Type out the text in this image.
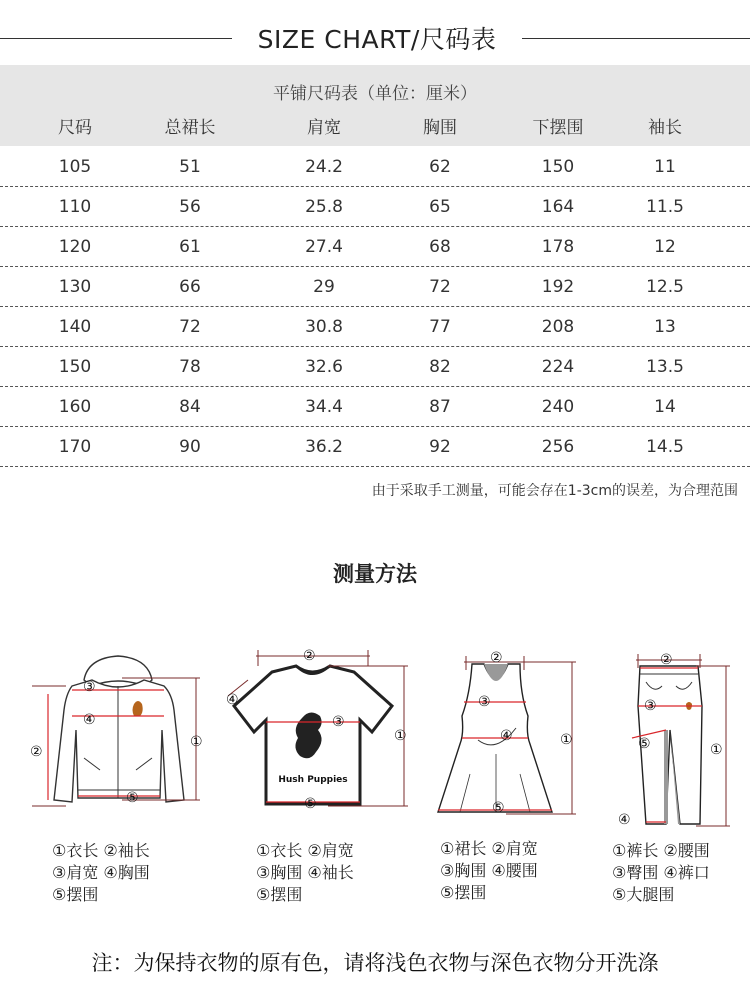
SIZE CHART/尺码表
平铺尺码表（单位：厘米）
尺码	总裙长	肩宽	胸围	下摆围	袖长
105	51	24.2	62	150	11
110	56	25.8	65	164	11.5
120	61	27.4	68	178	12
130	66	29	72	192	12.5
140	72	30.8	77	208	13
150	78	32.6	82	224	13.5
160	84	34.4	87	240	14
170	90	36.2	92	256	14.5
由于采取手工测量，可能会存在1-3cm的误差，为合理范围
测量方法
③
④
②
⑤
①
①衣长 ②袖长
③肩宽 ④胸围
⑤摆围
Hush Puppies
②
④
③
①
⑤
①衣长 ②肩宽
③胸围 ④袖长
⑤摆围
②
③
④	①
⑤
①裙长 ②肩宽
③胸围 ④腰围
⑤摆围
②
③
⑤	①
④
①裤长 ②腰围
③臀围 ④裤口
⑤大腿围
注：为保持衣物的原有色，请将浅色衣物与深色衣物分开洗涤
